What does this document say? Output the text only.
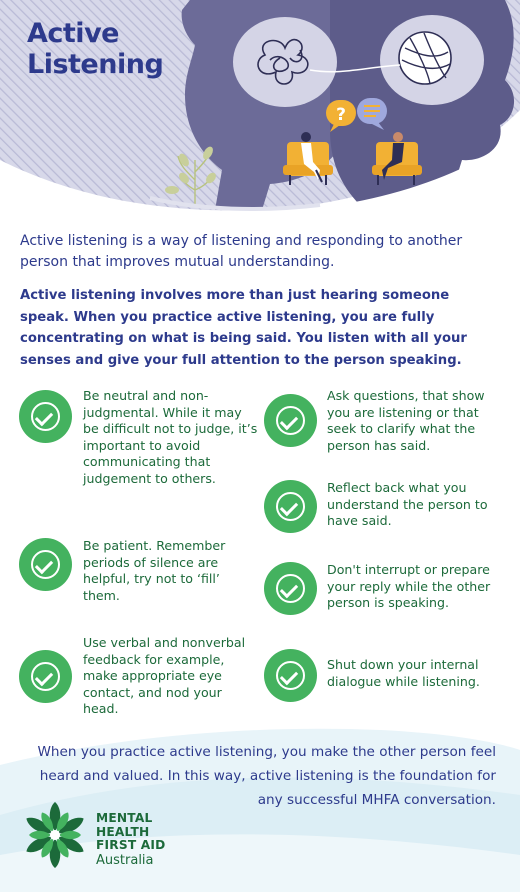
?
Active
Listening

Active listening is a way of listening and responding to another person that improves mutual understanding.

Active listening involves more than just hearing someone speak. When you practice active listening, you are fully concentrating on what is being said. You listen with all your senses and give your full attention to the person speaking.

Be neutral and non-judgmental. While it may be difficult not to judge, it’s important to avoid communicating that judgement to others.

Be patient. Remember periods of silence are helpful, try not to ‘fill’ them.

Use verbal and nonverbal feedback for example, make appropriate eye contact, and nod your head.

Ask questions, that show you are listening or that seek to clarify what the person has said.

Reflect back what you understand the person to have said.

Don't interrupt or prepare your reply while the other person is speaking.

Shut down your internal dialogue while listening.

When you practice active listening, you make the other person feel heard and valued. In this way, active listening is the foundation for any successful MHFA conversation.

MENTAL
HEALTH
FIRST AID
Australia
